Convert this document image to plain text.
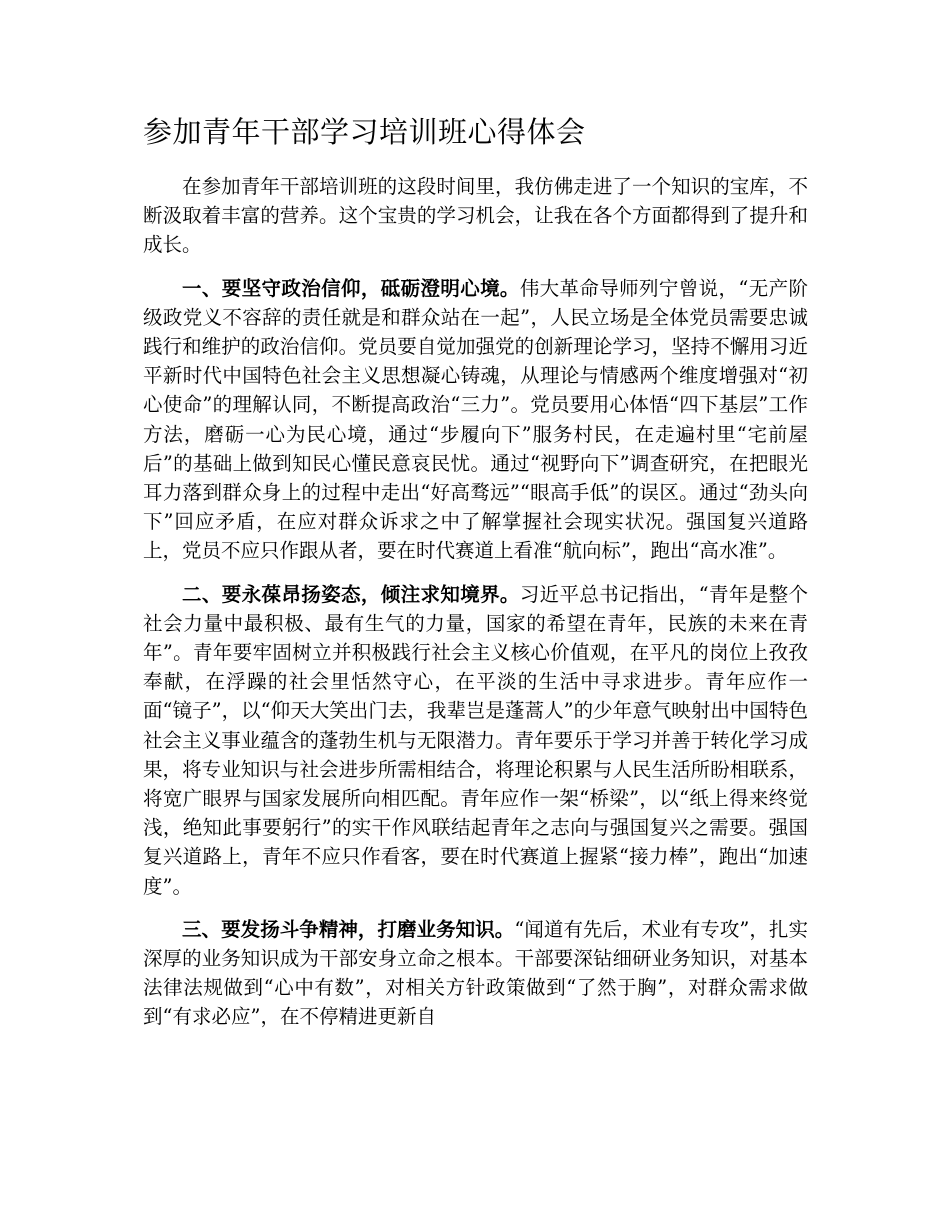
参加青年干部学习培训班心得体会

在参加青年干部培训班的这段时间里，我仿佛走进了一个知识的宝库，不断汲取着丰富的营养。这个宝贵的学习机会，让我在各个方面都得到了提升和成长。

一、要坚守政治信仰，砥砺澄明心境。伟大革命导师列宁曾说，“无产阶级政党义不容辞的责任就是和群众站在一起”，人民立场是全体党员需要忠诚践行和维护的政治信仰。党员要自觉加强党的创新理论学习，坚持不懈用习近平新时代中国特色社会主义思想凝心铸魂，从理论与情感两个维度增强对“初心使命”的理解认同，不断提高政治“三力”。党员要用心体悟“四下基层”工作方法，磨砺一心为民心境，通过“步履向下”服务村民，在走遍村里“宅前屋后”的基础上做到知民心懂民意哀民忧。通过“视野向下”调查研究，在把眼光耳力落到群众身上的过程中走出“好高骛远”“眼高手低”的误区。通过“劲头向下”回应矛盾，在应对群众诉求之中了解掌握社会现实状况。强国复兴道路上，党员不应只作跟从者，要在时代赛道上看准“航向标”，跑出“高水准”。

二、要永葆昂扬姿态，倾注求知境界。习近平总书记指出，“青年是整个社会力量中最积极、最有生气的力量，国家的希望在青年，民族的未来在青年”。青年要牢固树立并积极践行社会主义核心价值观，在平凡的岗位上孜孜奉献，在浮躁的社会里恬然守心，在平淡的生活中寻求进步。青年应作一面“镜子”，以“仰天大笑出门去，我辈岂是蓬蒿人”的少年意气映射出中国特色社会主义事业蕴含的蓬勃生机与无限潜力。青年要乐于学习并善于转化学习成果，将专业知识与社会进步所需相结合，将理论积累与人民生活所盼相联系，将宽广眼界与国家发展所向相匹配。青年应作一架“桥梁”，以“纸上得来终觉浅，绝知此事要躬行”的实干作风联结起青年之志向与强国复兴之需要。强国复兴道路上，青年不应只作看客，要在时代赛道上握紧“接力棒”，跑出“加速度”。

三、要发扬斗争精神，打磨业务知识。“闻道有先后，术业有专攻”，扎实深厚的业务知识成为干部安身立命之根本。干部要深钻细研业务知识，对基本法律法规做到“心中有数”，对相关方针政策做到“了然于胸”，对群众需求做到“有求必应”，在不停精进更新自
